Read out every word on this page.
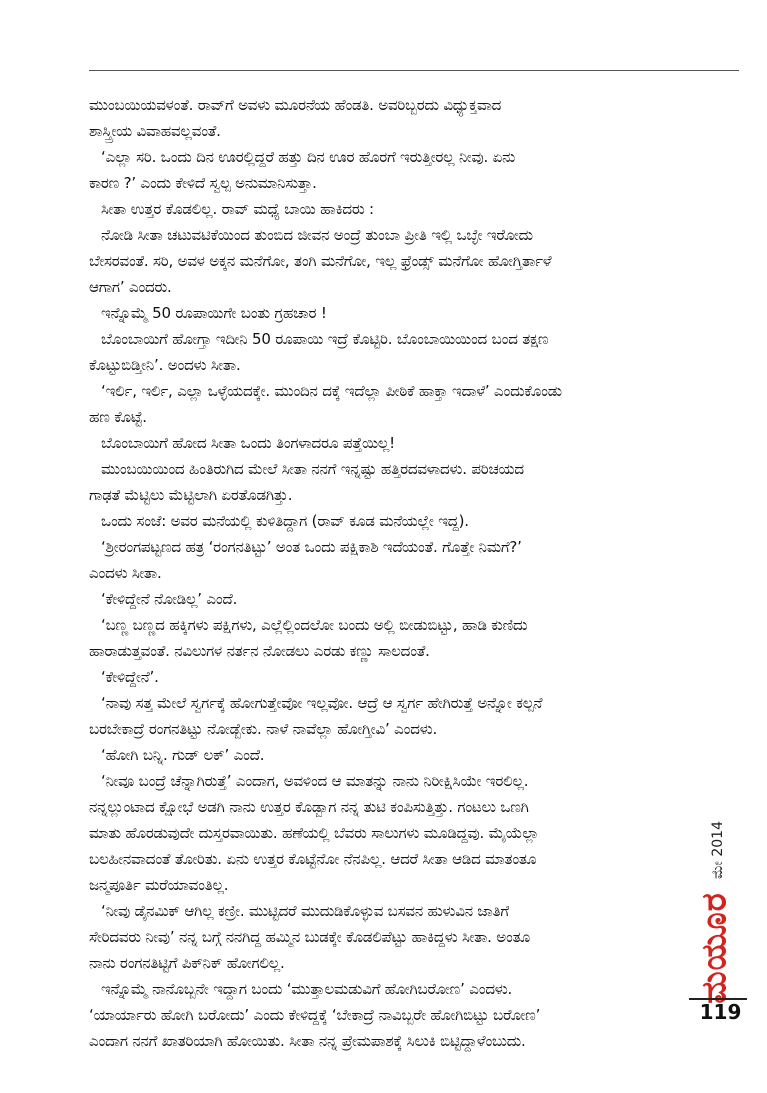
ಮುಂಬಯಿಯವಳಂತೆ. ರಾವ್‌ಗೆ ಅವಳು ಮೂರನೆಯ ಹೆಂಡತಿ. ಅವರಿಬ್ಬರದು ವಿಧ್ಯುಕ್ತವಾದ
ಶಾಸ್ತ್ರೀಯ ವಿವಾಹವಲ್ಲವಂತೆ.
‘ಎಲ್ಲಾ ಸರಿ. ಒಂದು ದಿನ ಊರಲ್ಲಿದ್ದರೆ ಹತ್ತು ದಿನ ಊರ ಹೊರಗೆ ಇರುತ್ತೀರಲ್ಲ ನೀವು. ಏನು
ಕಾರಣ ?’ ಎಂದು ಕೇಳಿದೆ ಸ್ವಲ್ಪ ಅನುಮಾನಿಸುತ್ತಾ.
ಸೀತಾ ಉತ್ತರ ಕೊಡಲಿಲ್ಲ. ರಾವ್ ಮಧ್ಯೆ ಬಾಯಿ ಹಾಕಿದರು :
ನೋಡಿ ಸೀತಾ ಚಟುವಟಿಕೆಯಿಂದ ತುಂಬಿದ ಜೀವನ ಅಂದ್ರೆ ತುಂಬಾ ಪ್ರೀತಿ ಇಲ್ಲಿ ಒಬ್ಳೇ ಇರೋದು
ಬೇಸರವಂತೆ. ಸರಿ, ಅವಳ ಅಕ್ಕನ ಮನೆಗೋ, ತಂಗಿ ಮನೆಗೋ, ಇಲ್ಲ ಫ್ರೆಂಡ್ಸ್ ಮನೆಗೋ ಹೋಗ್ತಿರ್ತಾಳೆ
ಆಗಾಗ’ ಎಂದರು.
ಇನ್ನೊಮ್ಮೆ 50 ರೂಪಾಯಿಗೇ ಬಂತು ಗ್ರಹಚಾರ !
ಬೊಂಬಾಯಿಗೆ ಹೋಗ್ತಾ ಇದೀನಿ 50 ರೂಪಾಯಿ ಇದ್ರೆ ಕೊಟ್ಟಿರಿ. ಬೊಂಬಾಯಿಯಿಂದ ಬಂದ ತಕ್ಷಣ
ಕೊಟ್ಟುಬಿಡ್ತೀನಿ’. ಅಂದಳು ಸೀತಾ.
‘ಇರ್ಲಿ, ಇರ್ಲಿ, ಎಲ್ಲಾ ಒಳ್ಳೆಯದಕ್ಕೇ. ಮುಂದಿನ ದಕ್ಕೆ ಇದೆಲ್ಲಾ ಪೀಠಿಕೆ ಹಾಕ್ತಾ ಇದಾಳೆ’ ಎಂದುಕೊಂಡು
ಹಣ ಕೊಟ್ಟೆ.
ಬೊಂಬಾಯಿಗೆ ಹೋದ ಸೀತಾ ಒಂದು ತಿಂಗಳಾದರೂ ಪತ್ತೆಯಿಲ್ಲ!
ಮುಂಬಯಿಯಿಂದ ಹಿಂತಿರುಗಿದ ಮೇಲೆ ಸೀತಾ ನನಗೆ ಇನ್ನಷ್ಟು ಹತ್ತಿರದವಳಾದಳು. ಪರಿಚಯದ
ಗಾಢತೆ ಮೆಟ್ಟಿಲು ಮೆಟ್ಟಿಲಾಗಿ ಏರತೊಡಗಿತ್ತು.
ಒಂದು ಸಂಜೆ: ಅವರ ಮನೆಯಲ್ಲಿ ಕುಳಿತಿದ್ದಾಗ (ರಾವ್ ಕೂಡ ಮನೆಯಲ್ಲೇ ಇದ್ದ).
‘ಶ್ರೀರಂಗಪಟ್ಟಣದ ಹತ್ರ ‘ರಂಗನತಿಟ್ಟು’ ಅಂತ ಒಂದು ಪಕ್ಷಿಕಾಶಿ ಇದೆಯಂತೆ. ಗೊತ್ತೇ ನಿಮಗೆ?’
ಎಂದಳು ಸೀತಾ.
‘ಕೇಳಿದ್ದೇನೆ ನೋಡಿಲ್ಲ’ ಎಂದೆ.
‘ಬಣ್ಣ ಬಣ್ಣದ ಹಕ್ಕಿಗಳು ಪಕ್ಷಿಗಳು, ಎಲ್ಲೆಲ್ಲಿಂದಲೋ ಬಂದು ಅಲ್ಲಿ ಬೀಡುಬಿಟ್ಟು, ಹಾಡಿ ಕುಣಿದು
ಹಾರಾಡುತ್ತವಂತೆ. ನವಿಲುಗಳ ನರ್ತನ ನೋಡಲು ಎರಡು ಕಣ್ಣು ಸಾಲದಂತೆ.
‘ಕೇಳಿದ್ದೇನೆ’.
‘ನಾವು ಸತ್ತ ಮೇಲೆ ಸ್ವರ್ಗಕ್ಕೆ ಹೋಗುತ್ತೇವೋ ಇಲ್ಲವೋ. ಆದ್ರೆ ಆ ಸ್ವರ್ಗ ಹೇಗಿರುತ್ತೆ ಅನ್ನೋ ಕಲ್ಪನೆ
ಬರಬೇಕಾದ್ರೆ ರಂಗನತಿಟ್ಟು ನೋಡ್ಬೇಕು. ನಾಳೆ ನಾವೆಲ್ಲಾ ಹೋಗ್ತೀವಿ’ ಎಂದಳು.
‘ಹೋಗಿ ಬನ್ನಿ. ಗುಡ್ ಲಕ್’ ಎಂದೆ.
‘ನೀವೂ ಬಂದ್ರೆ ಚೆನ್ನಾಗಿರುತ್ತೆ’ ಎಂದಾಗ, ಅವಳಿಂದ ಆ ಮಾತನ್ನು ನಾನು ನಿರೀಕ್ಷಿಸಿಯೇ ಇರಲಿಲ್ಲ.
ನನ್ನಲ್ಲುಂಟಾದ ಕ್ಷೋಭೆ ಅಡಗಿ ನಾನು ಉತ್ತರ ಕೊಡ್ಬಾಗ ನನ್ನ ತುಟಿ ಕಂಪಿಸುತ್ತಿತ್ತು. ಗಂಟಲು ಒಣಗಿ
ಮಾತು ಹೊರಡುವುದೇ ದುಸ್ತರವಾಯಿತು. ಹಣೆಯಲ್ಲಿ ಬೆವರು ಸಾಲುಗಳು ಮೂಡಿದ್ದವು. ಮೈಯೆಲ್ಲಾ
ಬಲಹೀನವಾದಂತೆ ತೋರಿತು. ಏನು ಉತ್ತರ ಕೊಟ್ಟೆನೋ ನೆನಪಿಲ್ಲ. ಆದರೆ ಸೀತಾ ಆಡಿದ ಮಾತಂತೂ
ಜನ್ಮಪೂರ್ತಿ ಮರೆಯಾವಂತಿಲ್ಲ.
‘ನೀವು ಡೈನಮಿಕ್ ಆಗಿಲ್ಲ ಕಣ್ರೀ. ಮುಟ್ಟಿದರೆ ಮುದುಡಿಕೊಳ್ಳುವ ಬಸವನ ಹುಳುವಿನ ಜಾತಿಗೆ
ಸೇರಿದವರು ನೀವು’ ನನ್ನ ಬಗ್ಗೆ ನನಗಿದ್ದ ಹಮ್ಮಿನ ಬುಡಕ್ಕೇ ಕೊಡಲಿಪೆಟ್ಟು ಹಾಕಿದ್ದಳು ಸೀತಾ. ಅಂತೂ
ನಾನು ರಂಗನತಿಟ್ಟಿಗೆ ಪಿಕ್‌ನಿಕ್ ಹೋಗಲಿಲ್ಲ.
ಇನ್ನೊಮ್ಮೆ ನಾನೊಬ್ಬನೇ ಇದ್ದಾಗ ಬಂದು ‘ಮುತ್ತಾಲಮಡುವಿಗೆ ಹೋಗಿಬರೋಣ’ ಎಂದಳು.
‘ಯಾರ್ಯಾರು ಹೋಗಿ ಬರೋದು’ ಎಂದು ಕೇಳಿದ್ದಕ್ಕೆ ‘ಬೇಕಾದ್ರೆ ನಾವಿಬ್ಬರೇ ಹೋಗಿಬಿಟ್ಟು ಬರೋಣ’
ಎಂದಾಗ ನನಗೆ ಖಾತರಿಯಾಗಿ ಹೋಯಿತು. ಸೀತಾ ನನ್ನ ಪ್ರೇಮಪಾಶಕ್ಕೆ ಸಿಲುಕಿ ಬಿಟ್ಟಿದ್ದಾಳೆಂಬುದು.
ಮೇ 2014
ಮಯೂರ
119
